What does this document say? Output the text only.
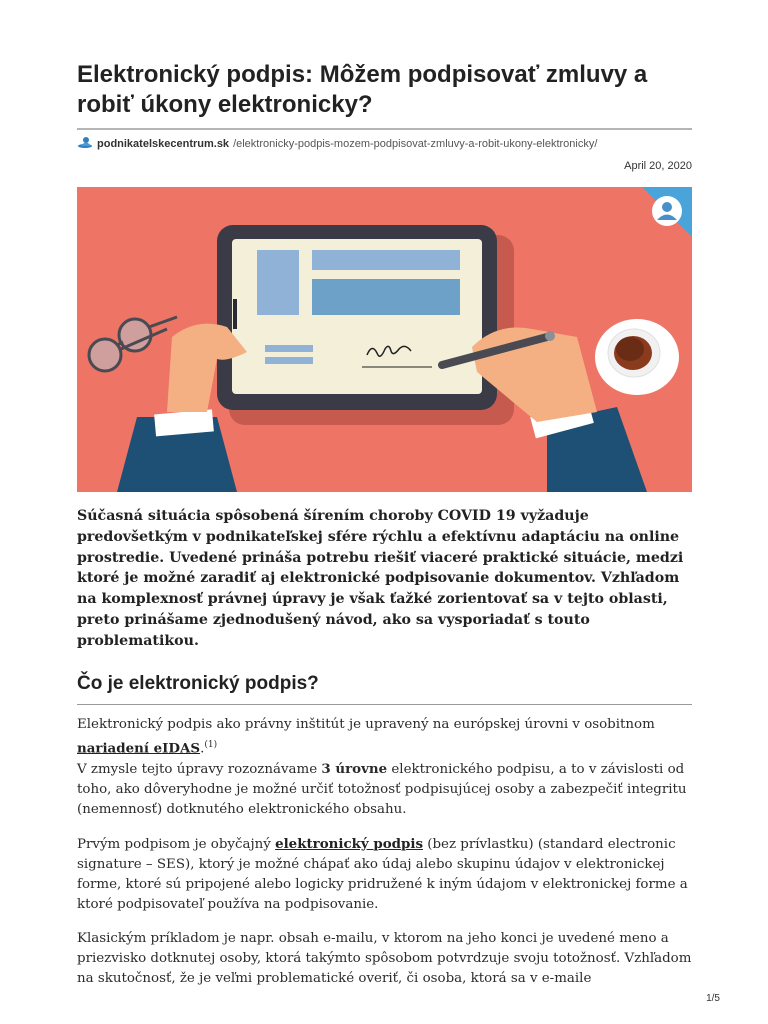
Elektronický podpis: Môžem podpisovať zmluvy a robiť úkony elektronicky?
podnikatelskecentrum.sk /elektronicky-podpis-mozem-podpisovat-zmluvy-a-robit-ukony-elektronicky/
April 20, 2020

Súčasná situácia spôsobená šírením choroby COVID 19 vyžaduje predovšetkým v podnikateľskej sfére rýchlu a efektívnu adaptáciu na online prostredie. Uvedené prináša potrebu riešiť viaceré praktické situácie, medzi ktoré je možné zaradiť aj elektronické podpisovanie dokumentov. Vzhľadom na komplexnosť právnej úpravy je však ťažké zorientovať sa v tejto oblasti, preto prinášame zjednodušený návod, ako sa vysporiadať s touto problematikou.

Čo je elektronický podpis?

Elektronický podpis ako právny inštitút je upravený na európskej úrovni v osobitnom nariadení eIDAS.$^{(1)}$
V zmysle tejto úpravy rozoznávame 3 úrovne elektronického podpisu, a to v závislosti od toho, ako dôveryhodne je možné určiť totožnosť podpisujúcej osoby a zabezpečiť integritu (nemennosť) dotknutého elektronického obsahu.

Prvým podpisom je obyčajný elektronický podpis (bez prívlastku) (standard electronic signature – SES), ktorý je možné chápať ako údaj alebo skupinu údajov v elektronickej forme, ktoré sú pripojené alebo logicky pridružené k iným údajom v elektronickej forme a ktoré podpisovateľ používa na podpisovanie.

Klasickým príkladom je napr. obsah e-mailu, v ktorom na jeho konci je uvedené meno a priezvisko dotknutej osoby, ktorá takýmto spôsobom potvrdzuje svoju totožnosť. Vzhľadom na skutočnosť, že je veľmi problematické overiť, či osoba, ktorá sa v e-maile

1/5
